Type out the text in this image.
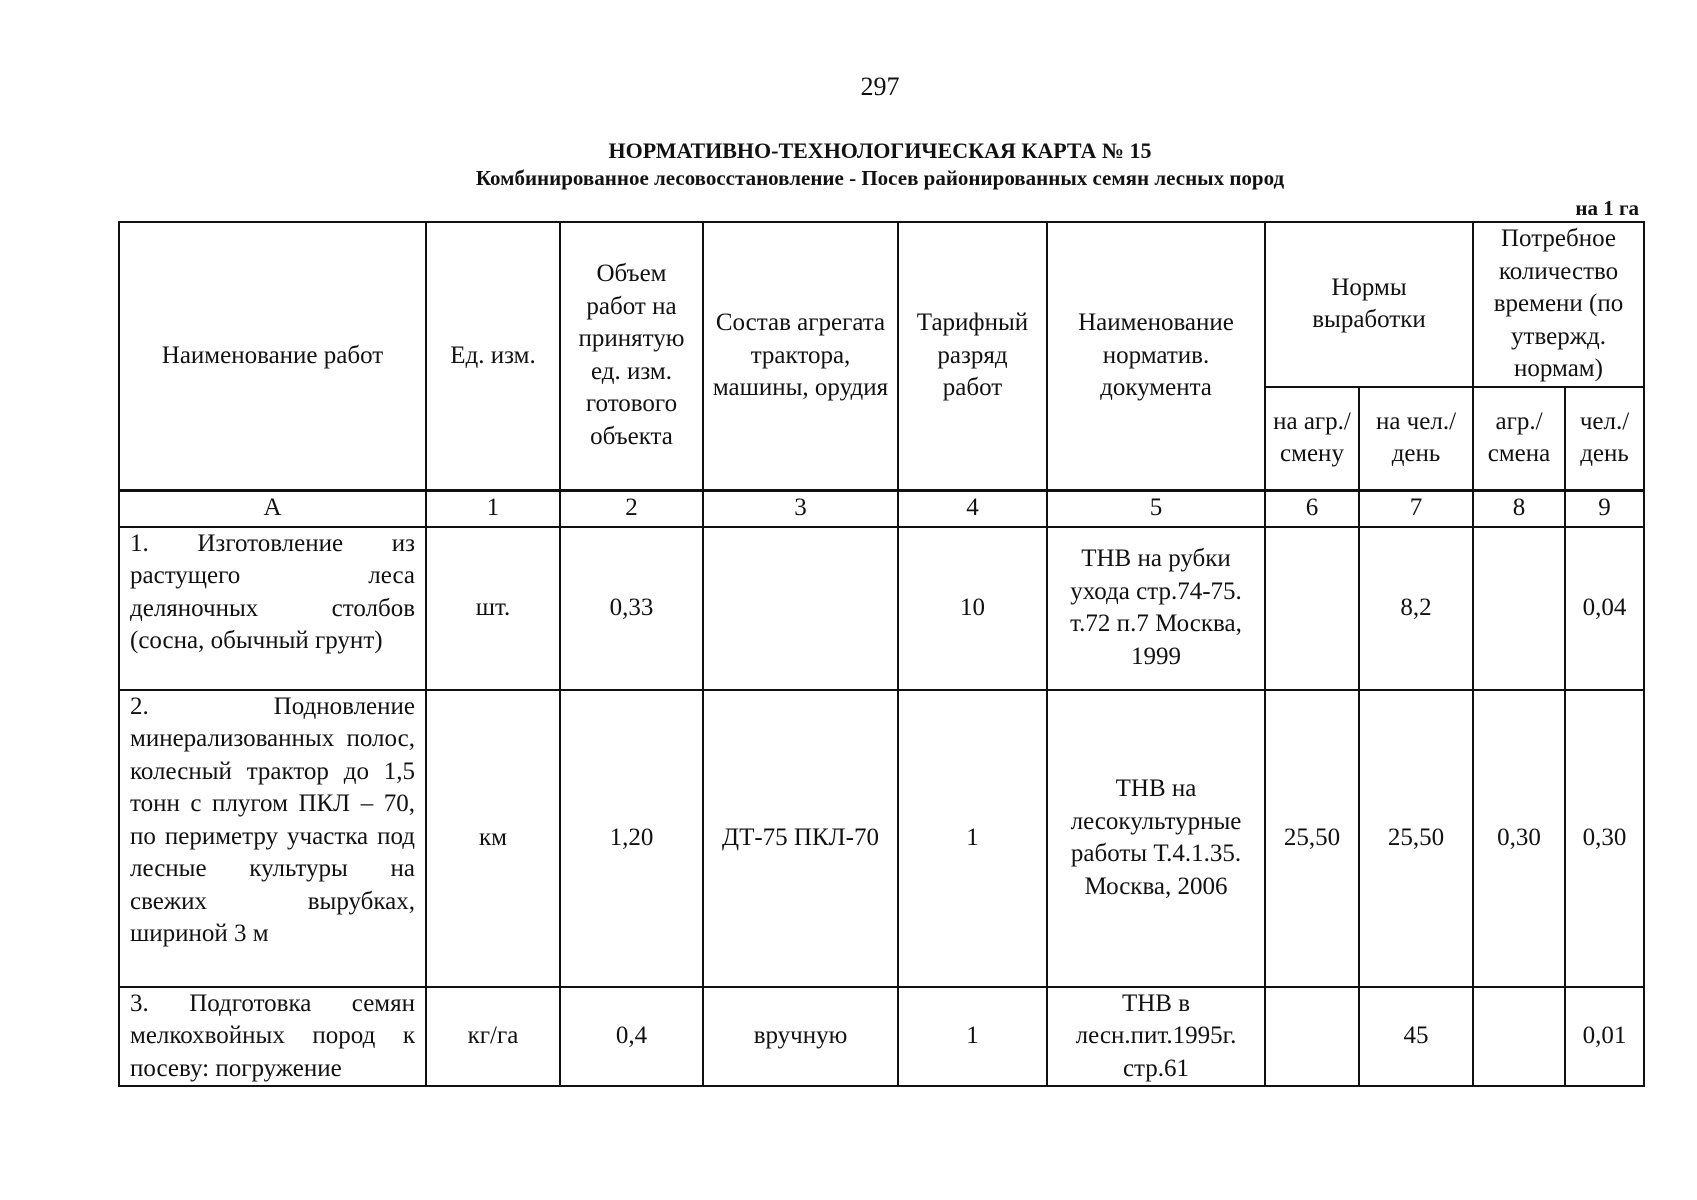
297
НОРМАТИВНО-ТЕХНОЛОГИЧЕСКАЯ КАРТА № 15
Комбинированное лесовосстановление - Посев районированных семян лесных пород
на 1 га
Наименование работ	Ед. изм.	Объем работ на принятую ед. изм. готового объекта	Состав агрегата трактора, машины, орудия	Тарифный разряд работ	Наименование норматив. документа	Нормы выработки		Потребное количество времени (по утвержд. нормам)	
						на агр./ смену	на чел./ день	агр./ смена	чел./ день
А	1	2	3	4	5	6	7	8	9
1. Изготовление из растущего леса деляночных столбов (сосна, обычный грунт)	шт.	0,33		10	ТНВ на рубки ухода стр.74-75. т.72 п.7 Москва, 1999		8,2		0,04
2. Подновление минерализованных полос, колесный трактор до 1,5 тонн с плугом ПКЛ – 70, по периметру участка под лесные культуры на свежих вырубках, шириной 3 м	км	1,20	ДТ-75 ПКЛ-70	1	ТНВ на лесокультурные работы Т.4.1.35. Москва, 2006	25,50	25,50	0,30	0,30
3. Подготовка семян мелкохвойных пород к посеву: погружение	кг/га	0,4	вручную	1	ТНВ в лесн.пит.1995г. стр.61		45		0,01
